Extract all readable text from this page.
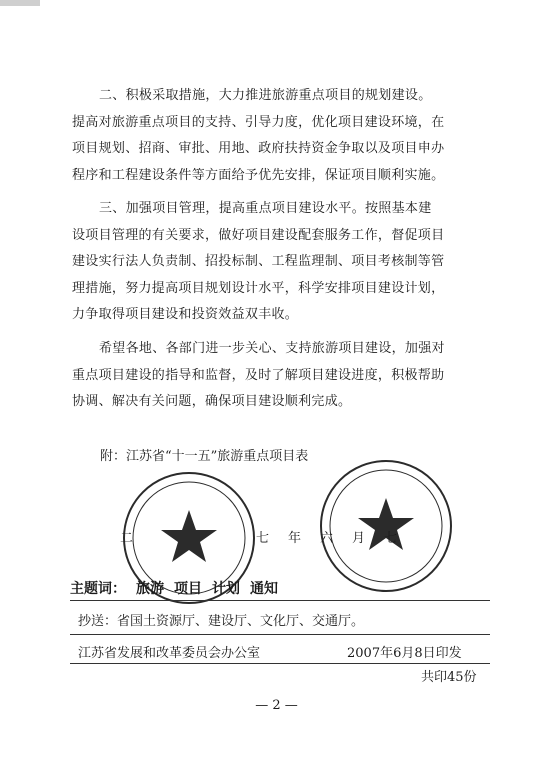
二、积极采取措施，大力推进旅游重点项目的规划建设。
提高对旅游重点项目的支持、引导力度，优化项目建设环境，在
项目规划、招商、审批、用地、政府扶持资金争取以及项目申办
程序和工程建设条件等方面给予优先安排，保证项目顺利实施。
三、加强项目管理，提高重点项目建设水平。按照基本建
设项目管理的有关要求，做好项目建设配套服务工作，督促项目
建设实行法人负责制、招投标制、工程监理制、项目考核制等管
理措施，努力提高项目规划设计水平，科学安排项目建设计划，
力争取得项目建设和投资效益双丰收。
希望各地、各部门进一步关心、支持旅游项目建设，加强对
重点项目建设的指导和监督，及时了解项目建设进度，积极帮助
协调、解决有关问题，确保项目建设顺利完成。
附：江苏省“十一五”旅游重点项目表
二	七 年 六 月 七
主题词： 旅游 项目 计划 通知
抄送：省国土资源厅、建设厅、文化厅、交通厅。
江苏省发展和改革委员会办公室	2007年6月8日印发
共印45份
— 2 —
